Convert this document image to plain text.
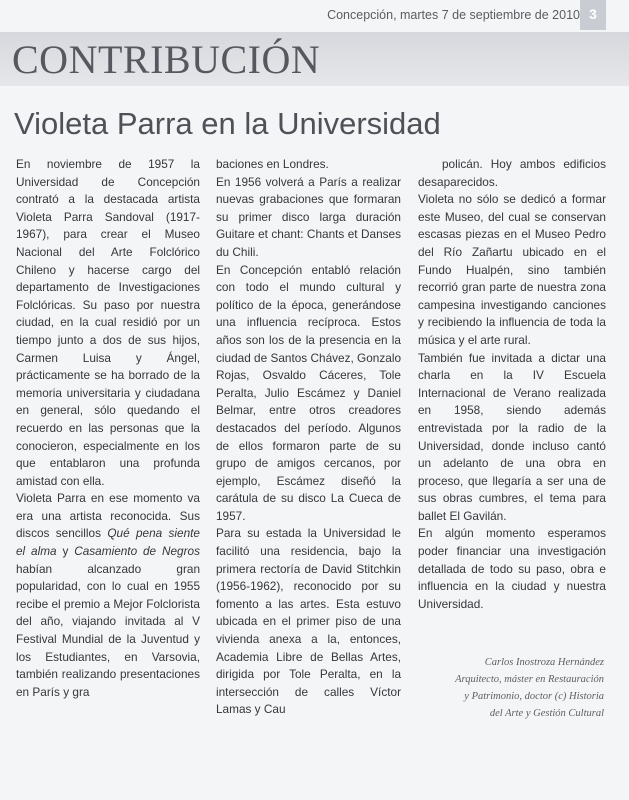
Concepción, martes 7 de septiembre de 2010 3
CONTRIBUCIÓN
Violeta Parra en la Universidad

En noviembre de 1957 la Universidad de Concepción contrató a la destacada artista Violeta Parra Sandoval (1917-1967), para crear el Museo Nacional del Arte Folclórico Chileno y hacerse cargo del departamento de Investigaciones Folclóricas. Su paso por nuestra ciudad, en la cual residió por un tiempo junto a dos de sus hijos, Carmen Luisa y Ángel, prácticamente se ha borrado de la memoria universitaria y ciudadana en general, sólo quedando el recuerdo en las personas que la conocieron, especialmente en los que entablaron una profunda amistad con ella.

Violeta Parra en ese momento va era una artista reconocida. Sus discos sencillos Qué pena siente el alma y Casamiento de Negros habían alcanzado gran popularidad, con lo cual en 1955 recibe el premio a Mejor Folclorista del año, viajando invitada al V Festival Mundial de la Juventud y los Estudiantes, en Varsovia, también realizando presentaciones en París y gra

baciones en Londres.

En 1956 volverá a París a realizar nuevas grabaciones que formaran su primer disco larga duración Guitare et chant: Chants et Danses du Chili.

En Concepción entabló relación con todo el mundo cultural y político de la época, generándose una influencia recíproca. Estos años son los de la presencia en la ciudad de Santos Chávez, Gonzalo Rojas, Osvaldo Cáceres, Tole Peralta, Julio Escámez y Daniel Belmar, entre otros creadores destacados del período. Algunos de ellos formaron parte de su grupo de amigos cercanos, por ejemplo, Escámez diseñó la carátula de su disco La Cueca de 1957.

Para su estada la Universidad le facilitó una residencia, bajo la primera rectoría de David Stitchkin (1956-1962), reconocido por su fomento a las artes. Esta estuvo ubicada en el primer piso de una vivienda anexa a la, entonces, Academia Libre de Bellas Artes, dirigida por Tole Peralta, en la intersección de calles Víctor Lamas y Cau

policán. Hoy ambos edificios desaparecidos.

Violeta no sólo se dedicó a formar este Museo, del cual se conservan escasas piezas en el Museo Pedro del Río Zañartu ubicado en el Fundo Hualpén, sino también recorrió gran parte de nuestra zona campesina investigando canciones y recibiendo la influencia de toda la música y el arte rural.

También fue invitada a dictar una charla en la IV Escuela Internacional de Verano realizada en 1958, siendo además entrevistada por la radio de la Universidad, donde incluso cantó un adelanto de una obra en proceso, que llegaría a ser una de sus obras cumbres, el tema para ballet El Gavilán.

En algún momento esperamos poder financiar una investigación detallada de todo su paso, obra e influencia en la ciudad y nuestra Universidad.

Carlos Inostroza Hernández
Arquitecto, máster en Restauración
y Patrimonio, doctor (c) Historia
del Arte y Gestión Cultural
